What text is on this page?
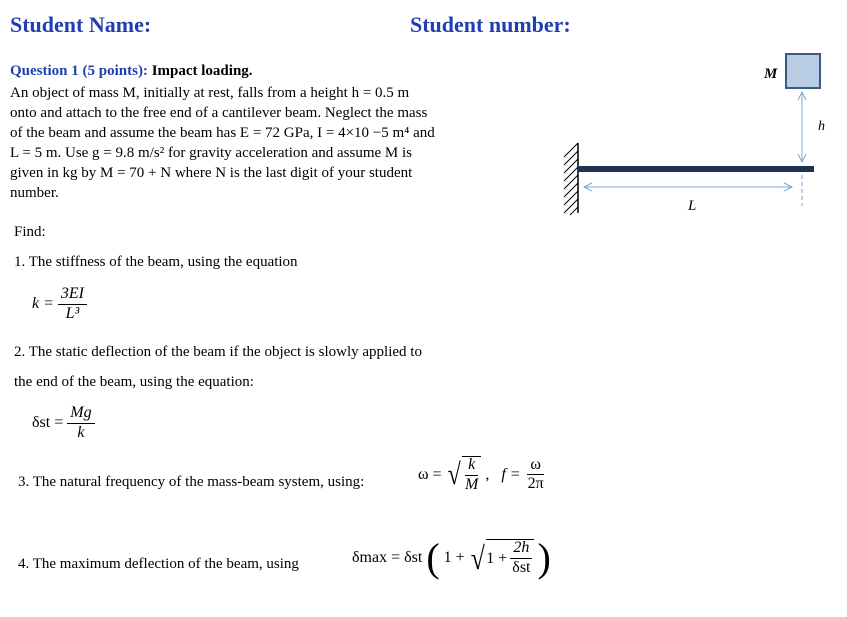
Student Name:	Student number:
Question 1 (5 points): Impact loading.
An object of mass M, initially at rest, falls from a height h = 0.5 m
onto and attach to the free end of a cantilever beam. Neglect the mass
of the beam and assume the beam has E = 72 GPa, I = 4×10 −5 m⁴ and
L = 5 m. Use g = 9.8 m/s² for gravity acceleration and assume M is
given in kg by M = 70 + N where N is the last digit of your student
number.
L
M
h
Find:
1. The stiffness of the beam, using the equation
$k = \frac{3EI}{\text{L³}}$
2. The static deflection of the beam if the object is slowly applied to
the end of the beam, using the equation:
$\delta st = \frac{Mg}{k}$
3. The natural frequency of the mass-beam system, using:	ω = √ $\frac{k}{M}$ , $f = \frac{\omega}{2\pi}$
4. The maximum deflection of the beam, using	δmax = δst ( 1 + √ $1 + \frac{2h}{\text{δst}}$ )
